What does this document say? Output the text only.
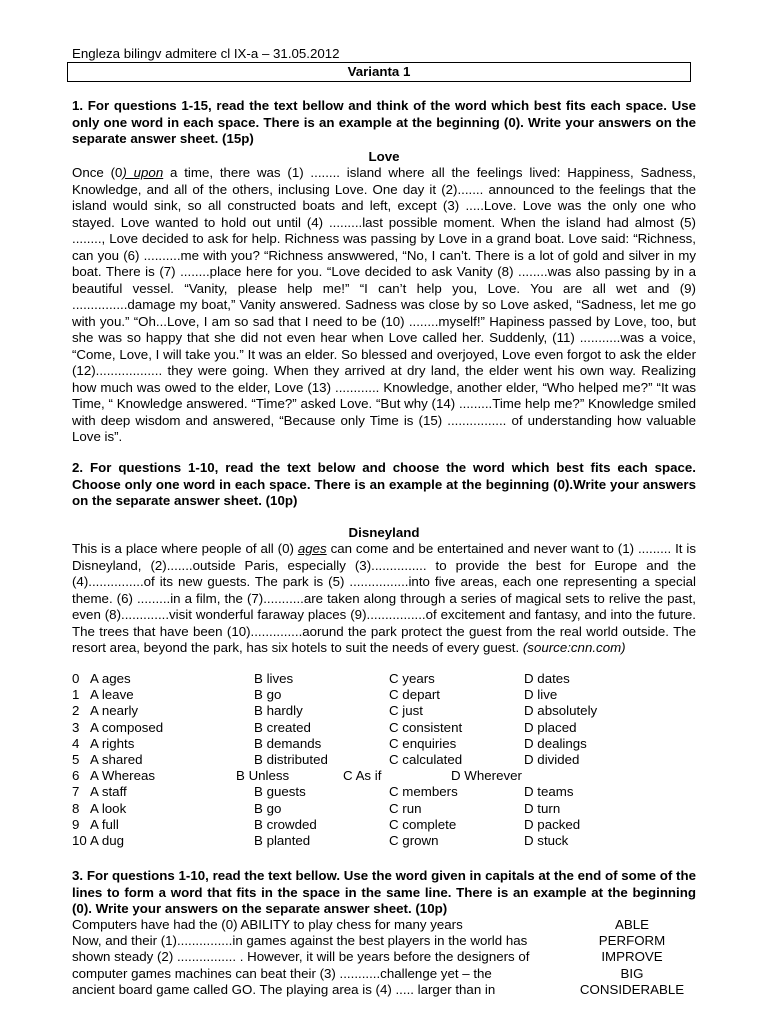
Engleza bilingv admitere cl IX-a – 31.05.2012
Varianta 1
1. For questions 1-15, read the text bellow and think of the word which best fits each space. Use only one word in each space. There is an example at the beginning (0). Write your answers on the separate answer sheet. (15p)
Love
Once (0) upon a time, there was (1) ........ island where all the feelings lived: Happiness, Sadness, Knowledge, and all of the others, inclusing Love. One day it (2)....... announced to the feelings that the island would sink, so all constructed boats and left, except (3) .....Love. Love was the only one who stayed. Love wanted to hold out until (4) .........last possible moment. When the island had almost (5) ........, Love decided to ask for help. Richness was passing by Love in a grand boat. Love said: “Richness, can you (6) ..........me with you? “Richness answwered, “No, I can’t. There is a lot of gold and silver in my boat. There is (7) ........place here for you. “Love decided to ask Vanity (8) ........was also passing by in a beautiful vessel. “Vanity, please help me!” “I can’t help you, Love. You are all wet and (9) ...............damage my boat,” Vanity answered. Sadness was close by so Love asked, “Sadness, let me go with you.” “Oh...Love, I am so sad that I need to be (10) ........myself!” Hapiness passed by Love, too, but she was so happy that she did not even hear when Love called her. Suddenly, (11) ...........was a voice, “Come, Love, I will take you.” It was an elder. So blessed and overjoyed, Love even forgot to ask the elder (12).................. they were going. When they arrived at dry land, the elder went his own way. Realizing how much was owed to the elder, Love (13) ............ Knowledge, another elder, “Who helped me?” “It was Time, “ Knowledge answered. “Time?” asked Love. “But why (14) .........Time help me?” Knowledge smiled with deep wisdom and answered, “Because only Time is (15) ................ of understanding how valuable Love is”.
2. For questions 1-10, read the text below and choose the word which best fits each space. Choose only one word in each space. There is an example at the beginning (0).Write your answers on the separate answer sheet. (10p)
Disneyland
This is a place where people of all (0) ages can come and be entertained and never want to (1) ......... It is Disneyland, (2).......outside Paris, especially (3)............... to provide the best for Europe and the (4)...............of its new guests. The park is (5) ................into five areas, each one representing a special theme. (6) .........in a film, the (7)...........are taken along through a series of magical sets to relive the past, even (8).............visit wonderful faraway places (9)................of excitement and fantasy, and into the future. The trees that have been (10)..............aorund the park protect the guest from the real world outside. The resort area, beyond the park, has six hotels to suit the needs of every guest. (source:cnn.com)
0 A ages	B lives	C years	D dates
1 A leave	B go	C depart	D live
2 A nearly	B hardly	C just	D absolutely
3 A composed	B created	C consistent	D placed
4 A rights	B demands	C enquiries	D dealings
5 A shared	B distributed	C calculated	D divided
6 A Whereas	B Unless	C As if	D Wherever
7 A staff	B guests	C members	D teams
8 A look	B go	C run	D turn
9 A full	B crowded	C complete	D packed
10 A dug	B planted	C grown	D stuck
3. For questions 1-10, read the text bellow. Use the word given in capitals at the end of some of the lines to form a word that fits in the space in the same line. There is an example at the beginning (0). Write your answers on the separate answer sheet. (10p)
Computers have had the (0) ABILITY to play chess for many years	ABLE
Now, and their (1)...............in games against the best players in the world has	PERFORM
shown steady (2) ................ . However, it will be years before the designers of	IMPROVE
computer games machines can beat their (3) ...........challenge yet – the	BIG
ancient board game called GO. The playing area is (4) ..... larger than in	CONSIDERABLE
